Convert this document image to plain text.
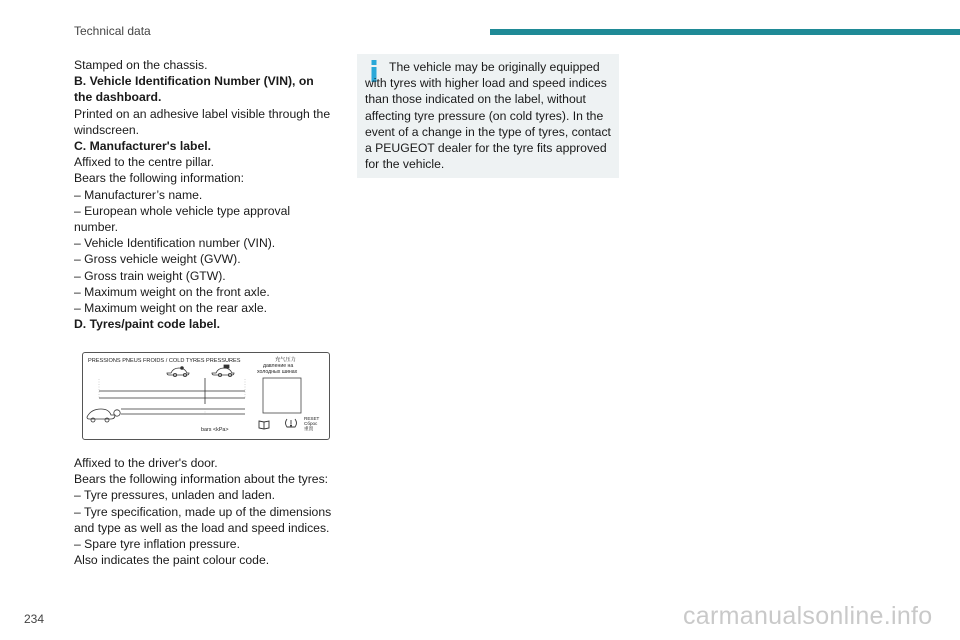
Technical data

Stamped on the chassis.

B. Vehicle Identification Number (VIN), on the dashboard.

Printed on an adhesive label visible through the windscreen.

C. Manufacturer's label.

Affixed to the centre pillar.

Bears the following information:

– Manufacturer’s name.

– European whole vehicle type approval number.

– Vehicle Identification number (VIN).

– Gross vehicle weight (GVW).

– Gross train weight (GTW).

– Maximum weight on the front axle.

– Maximum weight on the rear axle.

D. Tyres/paint code label.

PRESSIONS PNEUS FROIDS / COLD TYRES PRESSURES	充气压力
давление на
холодных шинах
bars <kPa>
RESET
Сброс
重置

Affixed to the driver's door.

Bears the following information about the tyres:

– Tyre pressures, unladen and laden.

– Tyre specification, made up of the dimensions and type as well as the load and speed indices.

– Spare tyre inflation pressure.

Also indicates the paint colour code.

The vehicle may be originally equipped with tyres with higher load and speed indices than those indicated on the label, without affecting tyre pressure (on cold tyres). In the event of a change in the type of tyres, contact a PEUGEOT dealer for the tyre fits approved for the vehicle.
234	carmanualsonline.info
